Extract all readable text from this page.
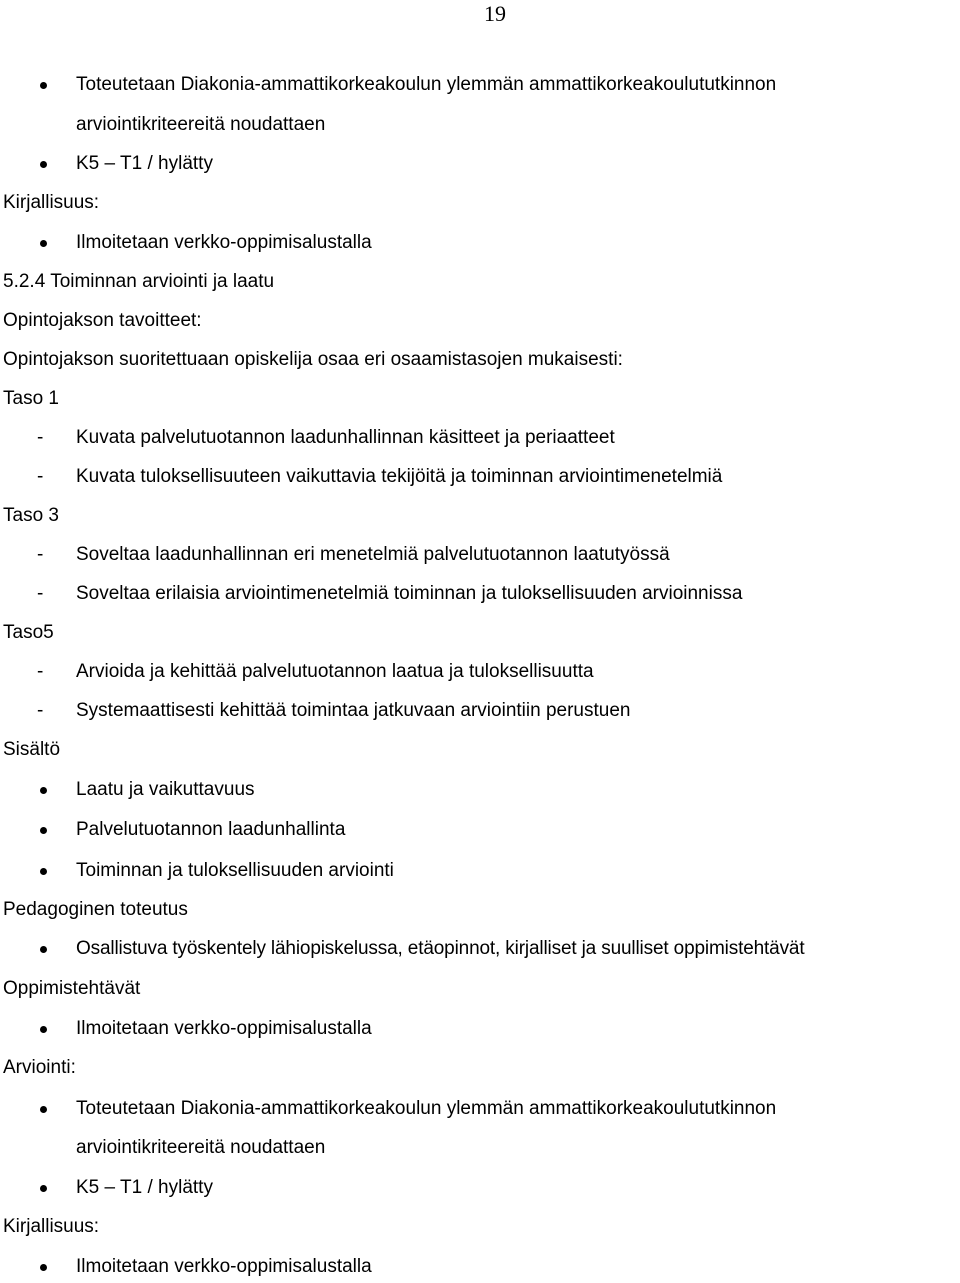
19
Toteutetaan Diakonia-ammattikorkeakoulun ylemmän ammattikorkeakoulututkinnon
arviointikriteereitä noudattaen
K5 – T1 / hylätty
Kirjallisuus:
Ilmoitetaan verkko-oppimisalustalla
5.2.4 Toiminnan arviointi ja laatu
Opintojakson tavoitteet:
Opintojakson suoritettuaan opiskelija osaa eri osaamistasojen mukaisesti:
Taso 1
- Kuvata palvelutuotannon laadunhallinnan käsitteet ja periaatteet
- Kuvata tuloksellisuuteen vaikuttavia tekijöitä ja toiminnan arviointimenetelmiä
Taso 3
- Soveltaa laadunhallinnan eri menetelmiä palvelutuotannon laatutyössä
- Soveltaa erilaisia arviointimenetelmiä toiminnan ja tuloksellisuuden arvioinnissa
Taso5
- Arvioida ja kehittää palvelutuotannon laatua ja tuloksellisuutta
- Systemaattisesti kehittää toimintaa jatkuvaan arviointiin perustuen
Sisältö
Laatu ja vaikuttavuus
Palvelutuotannon laadunhallinta
Toiminnan ja tuloksellisuuden arviointi
Pedagoginen toteutus
Osallistuva työskentely lähiopiskelussa, etäopinnot, kirjalliset ja suulliset oppimistehtävät
Oppimistehtävät
Ilmoitetaan verkko-oppimisalustalla
Arviointi:
Toteutetaan Diakonia-ammattikorkeakoulun ylemmän ammattikorkeakoulututkinnon
arviointikriteereitä noudattaen
K5 – T1 / hylätty
Kirjallisuus:
Ilmoitetaan verkko-oppimisalustalla
